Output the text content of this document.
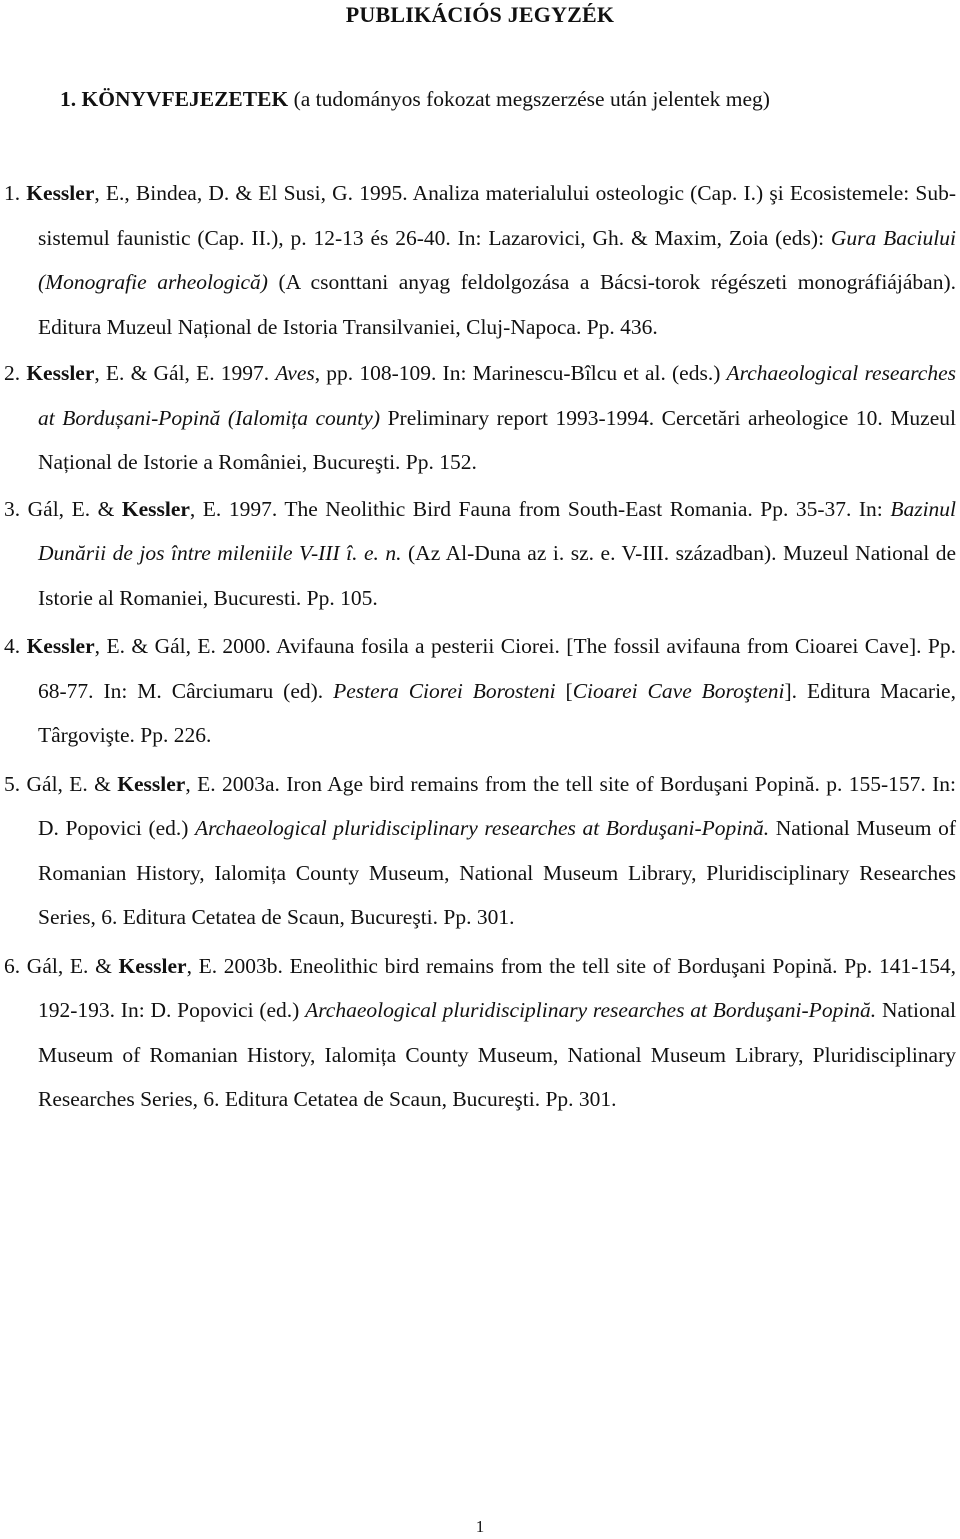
PUBLIKÁCIÓS JEGYZÉK
1. KÖNYVFEJEZETEK (a tudományos fokozat megszerzése után jelentek meg)
1. Kessler, E., Bindea, D. & El Susi, G. 1995. Analiza materialului osteologic (Cap. I.) şi Ecosistemele: Sub-sistemul faunistic (Cap. II.), p. 12-13 és 26-40. In: Lazarovici, Gh. & Maxim, Zoia (eds): Gura Baciului (Monografie arheologică) (A csonttani anyag feldolgozása a Bácsi-torok régészeti monográfiájában). Editura Muzeul Național de Istoria Transilvaniei, Cluj-Napoca. Pp. 436.
2. Kessler, E. & Gál, E. 1997. Aves, pp. 108-109. In: Marinescu-Bîlcu et al. (eds.) Archaeological researches at Bordușani-Popină (Ialomița county) Preliminary report 1993-1994. Cercetări arheologice 10. Muzeul Național de Istorie a României, Bucureşti. Pp. 152.
3. Gál, E. & Kessler, E. 1997. The Neolithic Bird Fauna from South-East Romania. Pp. 35-37. In: Bazinul Dunării de jos între mileniile V-III î. e. n. (Az Al-Duna az i. sz. e. V-III. században). Muzeul National de Istorie al Romaniei, Bucuresti. Pp. 105.
4. Kessler, E. & Gál, E. 2000. Avifauna fosila a pesterii Ciorei. [The fossil avifauna from Cioarei Cave]. Pp. 68-77. In: M. Cârciumaru (ed). Pestera Ciorei Borosteni [Cioarei Cave Boroşteni]. Editura Macarie, Târgovişte. Pp. 226.
5. Gál, E. & Kessler, E. 2003a. Iron Age bird remains from the tell site of Borduşani Popină. p. 155-157. In: D. Popovici (ed.) Archaeological pluridisciplinary researches at Borduşani-Popină. National Museum of Romanian History, Ialomița County Museum, National Museum Library, Pluridisciplinary Researches Series, 6. Editura Cetatea de Scaun, Bucureşti. Pp. 301.
6. Gál, E. & Kessler, E. 2003b. Eneolithic bird remains from the tell site of Borduşani Popină. Pp. 141-154, 192-193. In: D. Popovici (ed.) Archaeological pluridisciplinary researches at Borduşani-Popină. National Museum of Romanian History, Ialomița County Museum, National Museum Library, Pluridisciplinary Researches Series, 6. Editura Cetatea de Scaun, Bucureşti. Pp. 301.
1
